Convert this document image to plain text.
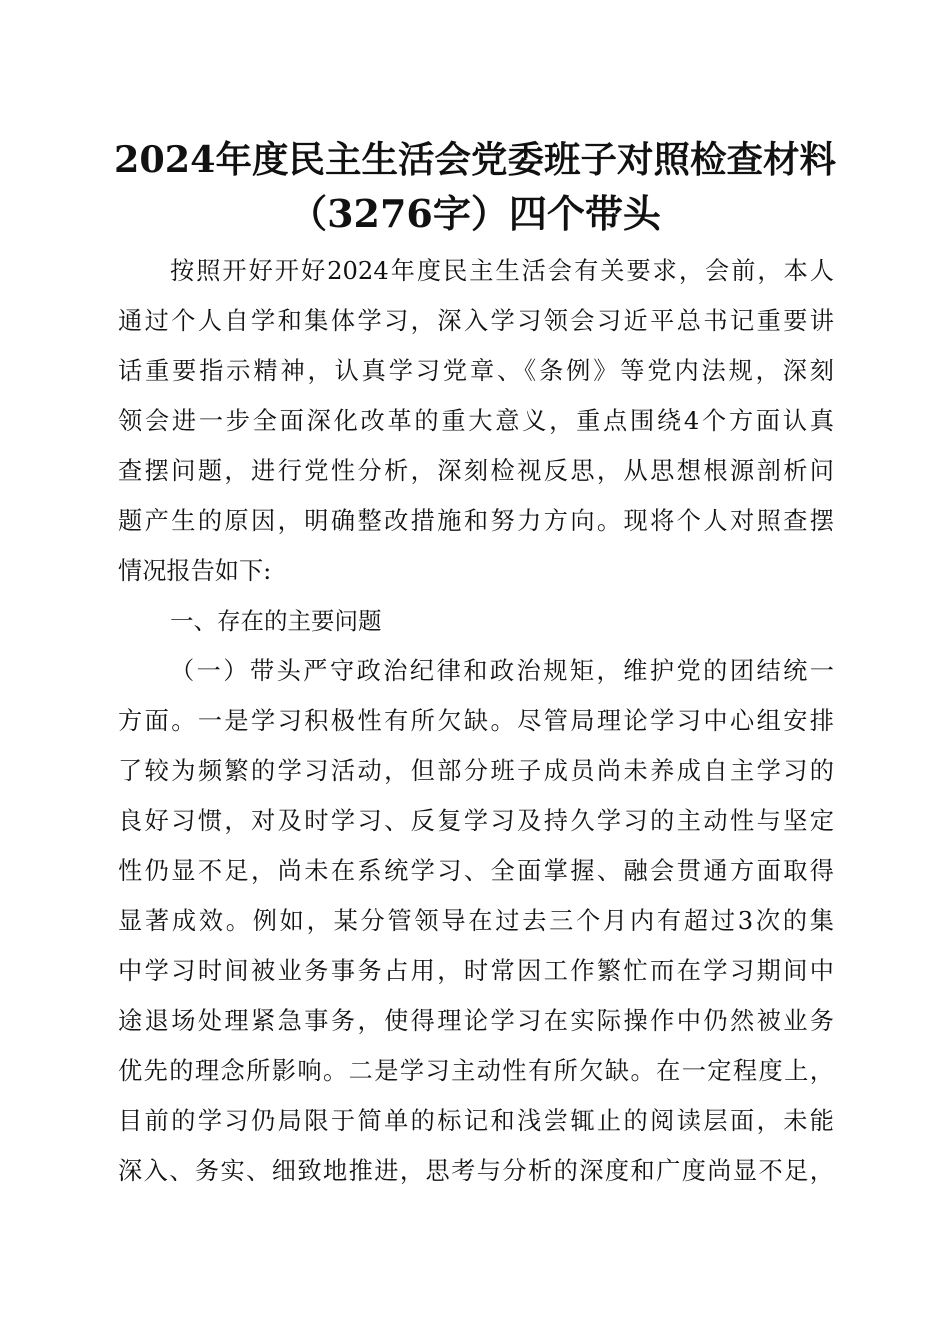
2024年度民主生活会党委班子对照检查材料
（3276字）四个带头
按照开好开好2024年度民主生活会有关要求，会前，本人
通过个人自学和集体学习，深入学习领会习近平总书记重要讲
话重要指示精神，认真学习党章、《条例》等党内法规，深刻
领会进一步全面深化改革的重大意义，重点围绕4个方面认真
查摆问题，进行党性分析，深刻检视反思，从思想根源剖析问
题产生的原因，明确整改措施和努力方向。现将个人对照查摆
情况报告如下:
一、存在的主要问题
（一）带头严守政治纪律和政治规矩，维护党的团结统一
方面。一是学习积极性有所欠缺。尽管局理论学习中心组安排
了较为频繁的学习活动，但部分班子成员尚未养成自主学习的
良好习惯，对及时学习、反复学习及持久学习的主动性与坚定
性仍显不足，尚未在系统学习、全面掌握、融会贯通方面取得
显著成效。例如，某分管领导在过去三个月内有超过3次的集
中学习时间被业务事务占用，时常因工作繁忙而在学习期间中
途退场处理紧急事务，使得理论学习在实际操作中仍然被业务
优先的理念所影响。二是学习主动性有所欠缺。在一定程度上，
目前的学习仍局限于简单的标记和浅尝辄止的阅读层面，未能
深入、务实、细致地推进，思考与分析的深度和广度尚显不足，
